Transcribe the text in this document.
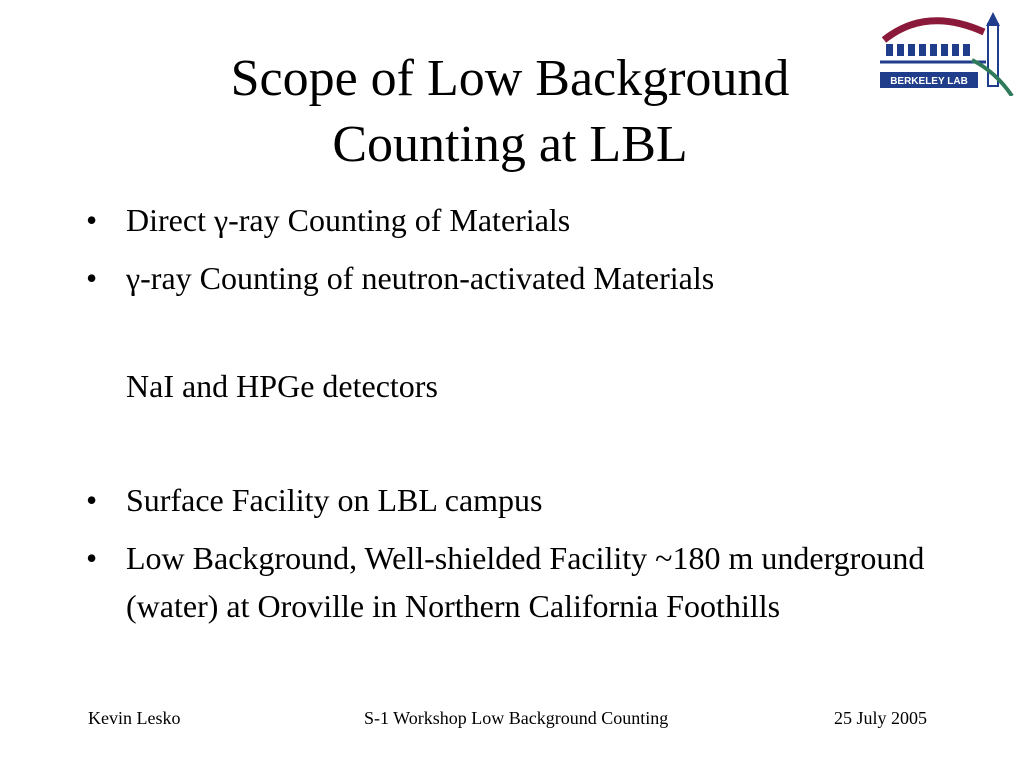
Scope of Low Background
Counting at LBL
BERKELEY LAB
• Direct γ-ray Counting of Materials
• γ-ray Counting of neutron-activated Materials
NaI and HPGe detectors
• Surface Facility on LBL campus
• Low Background, Well-shielded Facility ~180 m underground (water) at Oroville in Northern California Foothills
Kevin Lesko	S-1 Workshop Low Background Counting	25 July 2005
